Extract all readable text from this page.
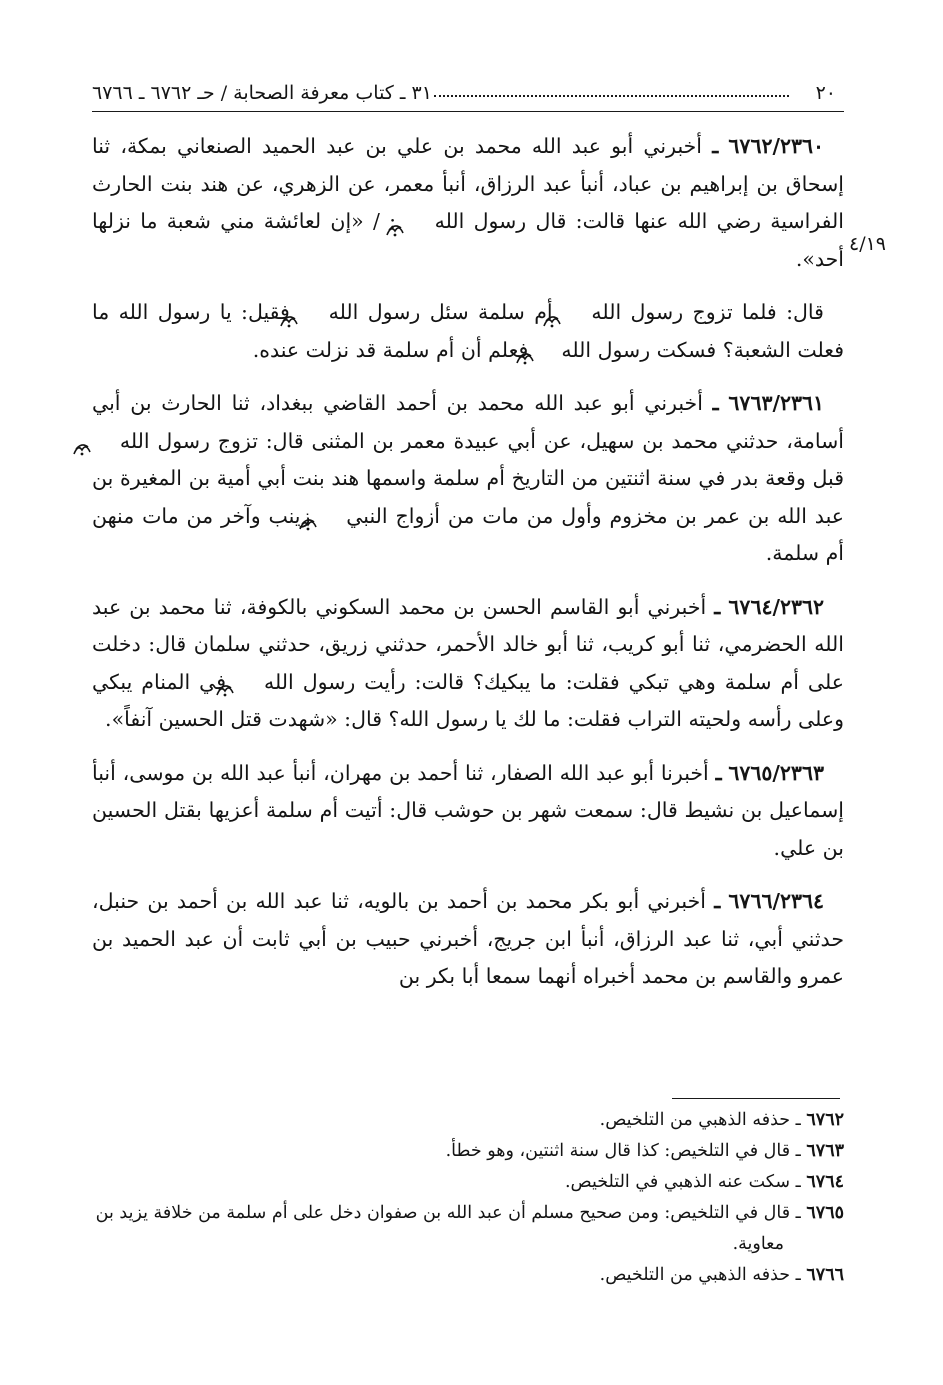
٣١ ـ كتاب معرفة الصحابة / حـ ٦٧٦٢ ـ ٦٧٦٦	٢٠
٤/١٩

٦٧٦٢/٢٣٦٠ ـ أخبرني أبو عبد الله محمد بن علي بن عبد الحميد الصنعاني بمكة، ثنا إسحاق بن إبراهيم بن عباد، أنبأ عبد الرزاق، أنبأ معمر، عن الزهري، عن هند بنت الحارث الفراسية رضي الله عنها قالت: قال رسول الله  : / «إن لعائشة مني شعبة ما نزلها أحد».

قال: فلما تزوج رسول الله  أم سلمة سئل رسول الله  فقيل: يا رسول الله ما فعلت الشعبة؟ فسكت رسول الله  فعلم أن أم سلمة قد نزلت عنده.

٦٧٦٣/٢٣٦١ ـ أخبرني أبو عبد الله محمد بن أحمد القاضي ببغداد، ثنا الحارث بن أبي أسامة، حدثني محمد بن سهيل، عن أبي عبيدة معمر بن المثنى قال: تزوج رسول الله  قبل وقعة بدر في سنة اثنتين من التاريخ أم سلمة واسمها هند بنت أبي أمية بن المغيرة بن عبد الله بن عمر بن مخزوم وأول من مات من أزواج النبي  زينب وآخر من مات منهن أم سلمة.

٦٧٦٤/٢٣٦٢ ـ أخبرني أبو القاسم الحسن بن محمد السكوني بالكوفة، ثنا محمد بن عبد الله الحضرمي، ثنا أبو كريب، ثنا أبو خالد الأحمر، حدثني زريق، حدثني سلمان قال: دخلت على أم سلمة وهي تبكي فقلت: ما يبكيك؟ قالت: رأيت رسول الله  في المنام يبكي وعلى رأسه ولحيته التراب فقلت: ما لك يا رسول الله؟ قال: «شهدت قتل الحسين آنفاً».

٦٧٦٥/٢٣٦٣ ـ أخبرنا أبو عبد الله الصفار، ثنا أحمد بن مهران، أنبأ عبد الله بن موسى، أنبأ إسماعيل بن نشيط قال: سمعت شهر بن حوشب قال: أتيت أم سلمة أعزيها بقتل الحسين بن علي.

٦٧٦٦/٢٣٦٤ ـ أخبرني أبو بكر محمد بن أحمد بن بالويه، ثنا عبد الله بن أحمد بن حنبل، حدثني أبي، ثنا عبد الرزاق، أنبأ ابن جريج، أخبرني حبيب بن أبي ثابت أن عبد الحميد بن عمرو والقاسم بن محمد أخبراه أنهما سمعا أبا بكر بن

٦٧٦٢ ـ حذفه الذهبي من التلخيص.

٦٧٦٣ ـ قال في التلخيص: كذا قال سنة اثنتين، وهو خطأ.

٦٧٦٤ ـ سكت عنه الذهبي في التلخيص.

٦٧٦٥ ـ قال في التلخيص: ومن صحيح مسلم أن عبد الله بن صفوان دخل على أم سلمة من خلافة يزيد بن معاوية.

٦٧٦٦ ـ حذفه الذهبي من التلخيص.
